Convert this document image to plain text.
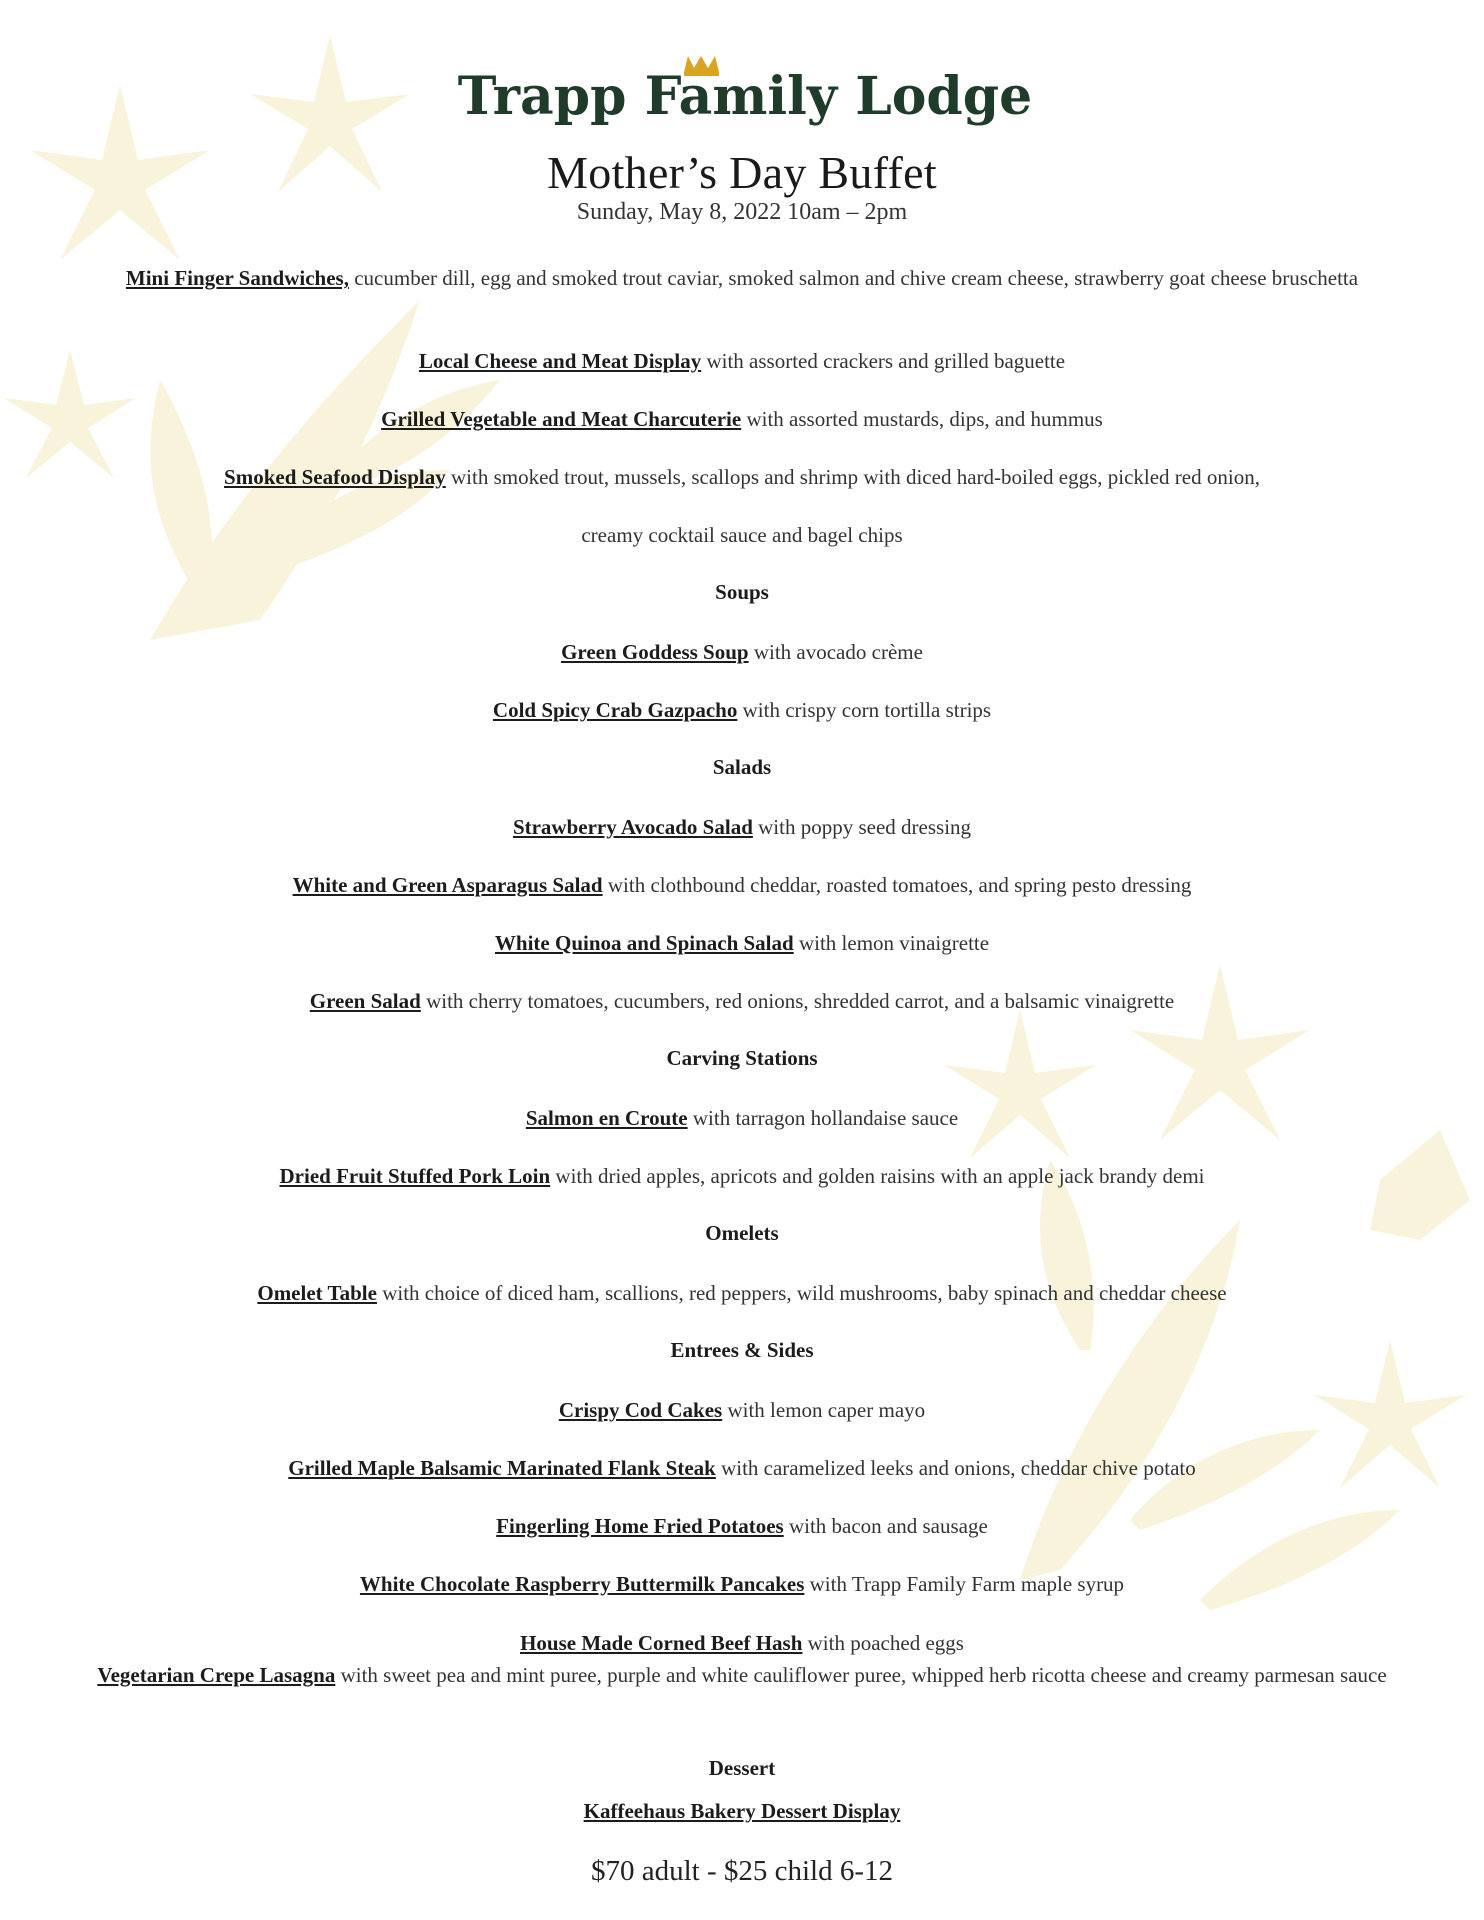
Trapp Family Lodge
Mother’s Day Buffet
Sunday, May 8, 2022 10am – 2pm
Mini Finger Sandwiches, cucumber dill, egg and smoked trout caviar, smoked salmon and chive cream cheese, strawberry goat cheese bruschetta
Local Cheese and Meat Display with assorted crackers and grilled baguette
Grilled Vegetable and Meat Charcuterie with assorted mustards, dips, and hummus
Smoked Seafood Display with smoked trout, mussels, scallops and shrimp with diced hard-boiled eggs, pickled red onion,
creamy cocktail sauce and bagel chips
Soups
Green Goddess Soup with avocado crème
Cold Spicy Crab Gazpacho with crispy corn tortilla strips
Salads
Strawberry Avocado Salad with poppy seed dressing
White and Green Asparagus Salad with clothbound cheddar, roasted tomatoes, and spring pesto dressing
White Quinoa and Spinach Salad with lemon vinaigrette
Green Salad with cherry tomatoes, cucumbers, red onions, shredded carrot, and a balsamic vinaigrette
Carving Stations
Salmon en Croute with tarragon hollandaise sauce
Dried Fruit Stuffed Pork Loin with dried apples, apricots and golden raisins with an apple jack brandy demi
Omelets
Omelet Table with choice of diced ham, scallions, red peppers, wild mushrooms, baby spinach and cheddar cheese
Entrees & Sides
Crispy Cod Cakes with lemon caper mayo
Grilled Maple Balsamic Marinated Flank Steak with caramelized leeks and onions, cheddar chive potato
Fingerling Home Fried Potatoes with bacon and sausage
White Chocolate Raspberry Buttermilk Pancakes with Trapp Family Farm maple syrup
House Made Corned Beef Hash with poached eggs
Vegetarian Crepe Lasagna with sweet pea and mint puree, purple and white cauliflower puree, whipped herb ricotta cheese and creamy parmesan sauce
Dessert
Kaffeehaus Bakery Dessert Display
$70 adult - $25 child 6-12
